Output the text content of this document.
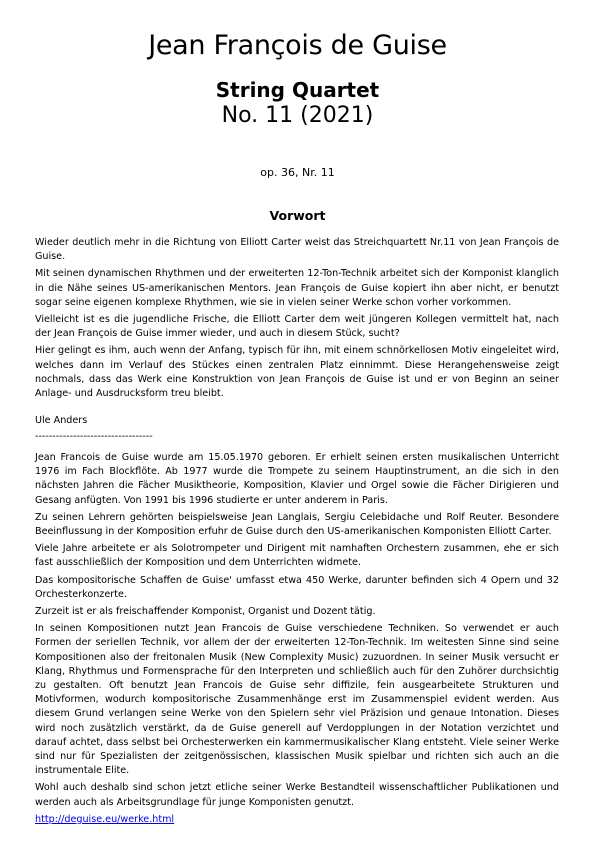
Jean François de Guise
String Quartet
No. 11 (2021)
op. 36, Nr. 11
Vorwort

Wieder deutlich mehr in die Richtung von Elliott Carter weist das Streichquartett Nr.11 von Jean François de Guise.

Mit seinen dynamischen Rhythmen und der erweiterten 12-Ton-Technik arbeitet sich der Komponist klanglich in die Nähe seines US-amerikanischen Mentors. Jean François de Guise kopiert ihn aber nicht, er benutzt sogar seine eigenen komplexe Rhythmen, wie sie in vielen seiner Werke schon vorher vorkommen.

Vielleicht ist es die jugendliche Frische, die Elliott Carter dem weit jüngeren Kollegen vermittelt hat, nach der Jean François de Guise immer wieder, und auch in diesem Stück, sucht?

Hier gelingt es ihm, auch wenn der Anfang, typisch für ihn, mit einem schnörkellosen Motiv eingeleitet wird, welches dann im Verlauf des Stückes einen zentralen Platz einnimmt. Diese Herangehensweise zeigt nochmals, dass das Werk eine Konstruktion von Jean François de Guise ist und er von Beginn an seiner Anlage- und Ausdrucksform treu bleibt.

Ule Anders
----------------------------------

Jean Francois de Guise wurde am 15.05.1970 geboren. Er erhielt seinen ersten musikalischen Unterricht 1976 im Fach Blockflöte. Ab 1977 wurde die Trompete zu seinem Hauptinstrument, an die sich in den nächsten Jahren die Fächer Musiktheorie, Komposition, Klavier und Orgel sowie die Fächer Dirigieren und Gesang anfügten. Von 1991 bis 1996 studierte er unter anderem in Paris.

Zu seinen Lehrern gehörten beispielsweise Jean Langlais, Sergiu Celebidache und Rolf Reuter. Besondere Beeinflussung in der Komposition erfuhr de Guise durch den US-amerikanischen Komponisten Elliott Carter.

Viele Jahre arbeitete er als Solotrompeter und Dirigent mit namhaften Orchestern zusammen, ehe er sich fast ausschließlich der Komposition und dem Unterrichten widmete.

Das kompositorische Schaffen de Guise' umfasst etwa 450 Werke, darunter befinden sich 4 Opern und 32 Orchesterkonzerte.

Zurzeit ist er als freischaffender Komponist, Organist und Dozent tätig.

In seinen Kompositionen nutzt Jean Francois de Guise verschiedene Techniken. So verwendet er auch Formen der seriellen Technik, vor allem der der erweiterten 12-Ton-Technik. Im weitesten Sinne sind seine Kompositionen also der freitonalen Musik (New Complexity Music) zuzuordnen. In seiner Musik versucht er Klang, Rhythmus und Formensprache für den Interpreten und schließlich auch für den Zuhörer durchsichtig zu gestalten. Oft benutzt Jean Francois de Guise sehr diffizile, fein ausgearbeitete Strukturen und Motivformen, wodurch kompositorische Zusammenhänge erst im Zusammenspiel evident werden. Aus diesem Grund verlangen seine Werke von den Spielern sehr viel Präzision und genaue Intonation. Dieses wird noch zusätzlich verstärkt, da de Guise generell auf Verdopplungen in der Notation verzichtet und darauf achtet, dass selbst bei Orchesterwerken ein kammermusikalischer Klang entsteht. Viele seiner Werke sind nur für Spezialisten der zeitgenössischen, klassischen Musik spielbar und richten sich auch an die instrumentale Elite.

Wohl auch deshalb sind schon jetzt etliche seiner Werke Bestandteil wissenschaftlicher Publikationen und werden auch als Arbeitsgrundlage für junge Komponisten genutzt.

http://deguise.eu/werke.html
